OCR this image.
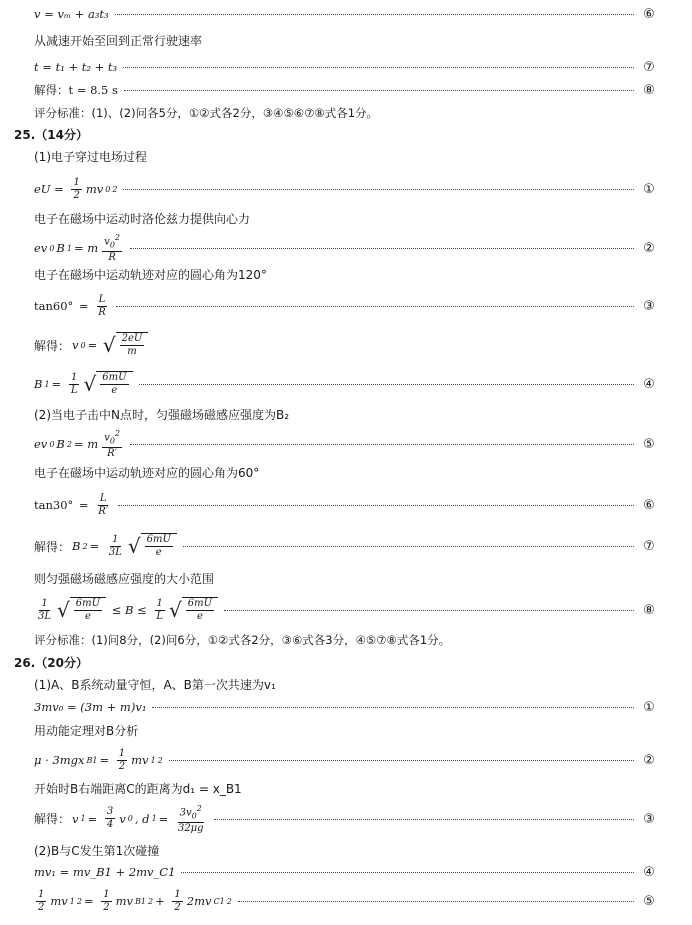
v = vₘ + a₃t₃	⑥
从减速开始至回到正常行驶速率
t = t₁ + t₂ + t₃	⑦
解得：t = 8.5 s	⑧
评分标准：(1)、(2)问各5分，①②式各2分，③④⑤⑥⑦⑧式各1分。
25.（14分）
(1)电子穿过电场过程
eU = $\frac{1}{2}$ mv 0 2	①
电子在磁场中运动时洛伦兹力提供向心力
ev 0 B 1 = m $\frac{v_0^2}{R}$	②
电子在磁场中运动轨迹对应的圆心角为120°
$\tan 60^\circ = \frac{L}{R}$	③
解得： v 0 = √ $\frac{2eU}{m}$
B $1 = \frac{1}{L}$ √ $\frac{6mU}{e}$	④
(2)当电子击中N点时，匀强磁场磁感应强度为B₂
ev 0 B 2 = m $\frac{v_0^2}{R'}$	⑤
电子在磁场中运动轨迹对应的圆心角为60°
$\tan 30^\circ = \frac{L}{R'}$	⑥
解得： B $2 = \frac{1}{3L}$ √ $\frac{6mU}{e}$	⑦
则匀强磁场磁感应强度的大小范围
$\frac{1}{3L}$ √ $\frac{6mU}{e} \le B \le \frac{1}{L}$ √ $\frac{6mU}{e}$	⑧
评分标准：(1)问8分，(2)问6分，①②式各2分，③⑥式各3分，④⑤⑦⑧式各1分。
26.（20分）
(1)A、B系统动量守恒，A、B第一次共速为v₁
3mv₀ = (3m + m)v₁	①
用动能定理对B分析
μ · 3mgx $B1 = \frac{1}{2}$ mv 1 2	②
开始时B右端距离C的距离为d₁ = x_B1
解得： v $1 = \frac{3}{4}$ v 0 , d $1 = \frac{3v_0^2}{32\mu g}$	③
(2)B与C发生第1次碰撞
mv₁ = mv_B1 + 2mv_C1	④
$\frac{1}{2}$ mv 1 $2 = \frac{1}{2}$ mv B1 $2 + \frac{1}{2} 2mv$ C1 2	⑤
